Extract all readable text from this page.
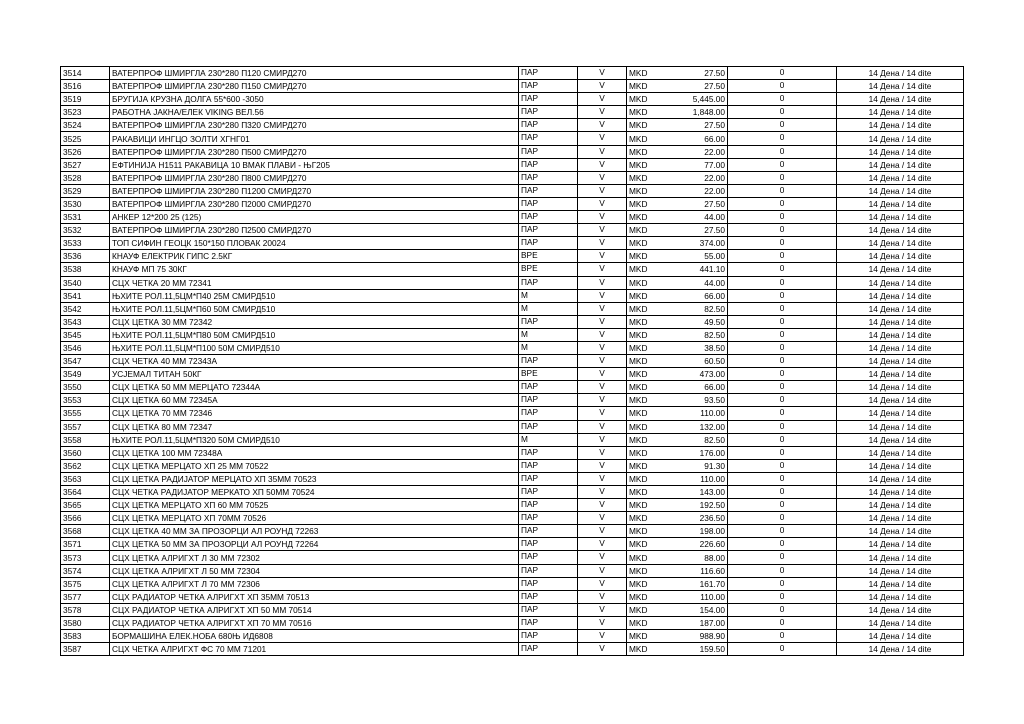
3514	ВАТЕРПРОФ ШМИРГЛА 230*280 П120 СМИРД270	ПАР	V	MKD	27.50	0	14 Дена / 14 dite
3516	ВАТЕРПРОФ ШМИРГЛА 230*280 П150 СМИРД270	ПАР	V	MKD	27.50	0	14 Дена / 14 dite
3519	БРУГИЈА КРУЗНА ДОЛГА 55*600 -3050	ПАР	V	MKD	5,445.00	0	14 Дена / 14 dite
3523	РАБОТНА ЈАКНА/ЕЛЕК VIKING ВЕЛ.56	ПАР	V	MKD	1,848.00	0	14 Дена / 14 dite
3524	ВАТЕРПРОФ ШМИРГЛА 230*280 П320 СМИРД270	ПАР	V	MKD	27.50	0	14 Дена / 14 dite
3525	РАКАВИЦИ ИНГЦО ЗОЛТИ ХГНГ01	ПАР	V	MKD	66.00	0	14 Дена / 14 dite
3526	ВАТЕРПРОФ ШМИРГЛА 230*280 П500 СМИРД270	ПАР	V	MKD	22.00	0	14 Дена / 14 dite
3527	ЕФТИНИЈА Н1511 РАКАВИЦА 10 ВМАК ПЛАВИ - ЊГ205	ПАР	V	MKD	77.00	0	14 Дена / 14 dite
3528	ВАТЕРПРОФ ШМИРГЛА 230*280 П800 СМИРД270	ПАР	V	MKD	22.00	0	14 Дена / 14 dite
3529	ВАТЕРПРОФ ШМИРГЛА 230*280 П1200 СМИРД270	ПАР	V	MKD	22.00	0	14 Дена / 14 dite
3530	ВАТЕРПРОФ ШМИРГЛА 230*280 П2000 СМИРД270	ПАР	V	MKD	27.50	0	14 Дена / 14 dite
3531	АНКЕР 12*200 25 (125)	ПАР	V	MKD	44.00	0	14 Дена / 14 dite
3532	ВАТЕРПРОФ ШМИРГЛА 230*280 П2500 СМИРД270	ПАР	V	MKD	27.50	0	14 Дена / 14 dite
3533	ТОП СИФИН ГЕОЦК 150*150 ПЛОВАК 20024	ПАР	V	MKD	374.00	0	14 Дена / 14 dite
3536	КНАУФ ЕЛЕКТРИК ГИПС 2.5КГ	ВРЕ	V	MKD	55.00	0	14 Дена / 14 dite
3538	КНАУФ МП 75 30КГ	ВРЕ	V	MKD	441.10	0	14 Дена / 14 dite
3540	СЦХ ЧЕТКА 20 ММ 72341	ПАР	V	MKD	44.00	0	14 Дена / 14 dite
3541	ЊХИТЕ РОЛ.11,5ЦМ*П40 25М СМИРД510	М	V	MKD	66.00	0	14 Дена / 14 dite
3542	ЊХИТЕ РОЛ.11,5ЦМ*П60 50М СМИРД510	М	V	MKD	82.50	0	14 Дена / 14 dite
3543	СЦХ ЦЕТКА 30 ММ 72342	ПАР	V	MKD	49.50	0	14 Дена / 14 dite
3545	ЊХИТЕ РОЛ.11,5ЦМ*П80 50М СМИРД510	М	V	MKD	82.50	0	14 Дена / 14 dite
3546	ЊХИТЕ РОЛ.11,5ЦМ*П100 50М СМИРД510	М	V	MKD	38.50	0	14 Дена / 14 dite
3547	СЦХ ЧЕТКА 40 ММ 72343А	ПАР	V	MKD	60.50	0	14 Дена / 14 dite
3549	УСЈЕМАЛ ТИТАН 50КГ	ВРЕ	V	MKD	473.00	0	14 Дена / 14 dite
3550	СЦХ ЦЕТКА 50 ММ МЕРЦАТО 72344А	ПАР	V	MKD	66.00	0	14 Дена / 14 dite
3553	СЦХ ЦЕТКА 60 ММ 72345А	ПАР	V	MKD	93.50	0	14 Дена / 14 dite
3555	СЦХ ЦЕТКА 70 ММ 72346	ПАР	V	MKD	110.00	0	14 Дена / 14 dite
3557	СЦХ ЦЕТКА 80 ММ 72347	ПАР	V	MKD	132.00	0	14 Дена / 14 dite
3558	ЊХИТЕ РОЛ.11,5ЦМ*П320 50М СМИРД510	М	V	MKD	82.50	0	14 Дена / 14 dite
3560	СЦХ ЦЕТКА 100 ММ 72348А	ПАР	V	MKD	176.00	0	14 Дена / 14 dite
3562	СЦХ ЦЕТКА МЕРЦАТО ХП 25 ММ 70522	ПАР	V	MKD	91.30	0	14 Дена / 14 dite
3563	СЦХ ЦЕТКА РАДИЈАТОР МЕРЦАТО ХП 35ММ 70523	ПАР	V	MKD	110.00	0	14 Дена / 14 dite
3564	СЦХ ЧЕТКА РАДИЈАТОР МЕРКАТО ХП 50ММ 70524	ПАР	V	MKD	143.00	0	14 Дена / 14 dite
3565	СЦХ ЦЕТКА МЕРЦАТО ХП 60 ММ 70525	ПАР	V	MKD	192.50	0	14 Дена / 14 dite
3566	СЦХ ЦЕТКА МЕРЦАТО ХП 70ММ 70526	ПАР	V	MKD	236.50	0	14 Дена / 14 dite
3568	СЦХ ЦЕТКА 40 ММ ЗА ПРОЗОРЦИ АЛ РОУНД 72263	ПАР	V	MKD	198.00	0	14 Дена / 14 dite
3571	СЦХ ЦЕТКА 50 ММ ЗА ПРОЗОРЦИ АЛ РОУНД 72264	ПАР	V	MKD	226.60	0	14 Дена / 14 dite
3573	СЦХ ЦЕТКА АЛРИГХТ Л 30 ММ 72302	ПАР	V	MKD	88.00	0	14 Дена / 14 dite
3574	СЦХ ЦЕТКА АЛРИГХТ Л 50 ММ 72304	ПАР	V	MKD	116.60	0	14 Дена / 14 dite
3575	СЦХ ЦЕТКА АЛРИГХТ Л 70 ММ 72306	ПАР	V	MKD	161.70	0	14 Дена / 14 dite
3577	СЦХ РАДИАТОР ЧЕТКА АЛРИГХТ ХП 35ММ 70513	ПАР	V	MKD	110.00	0	14 Дена / 14 dite
3578	СЦХ РАДИАТОР ЧЕТКА АЛРИГХТ ХП 50 ММ 70514	ПАР	V	MKD	154.00	0	14 Дена / 14 dite
3580	СЦХ РАДИАТОР ЧЕТКА АЛРИГХТ ХП 70 ММ 70516	ПАР	V	MKD	187.00	0	14 Дена / 14 dite
3583	БОРМАШИНА ЕЛЕК.НОБА 680Њ ИД6808	ПАР	V	MKD	988.90	0	14 Дена / 14 dite
3587	СЦХ ЧЕТКА АЛРИГХТ ФС 70 ММ 71201	ПАР	V	MKD	159.50	0	14 Дена / 14 dite
